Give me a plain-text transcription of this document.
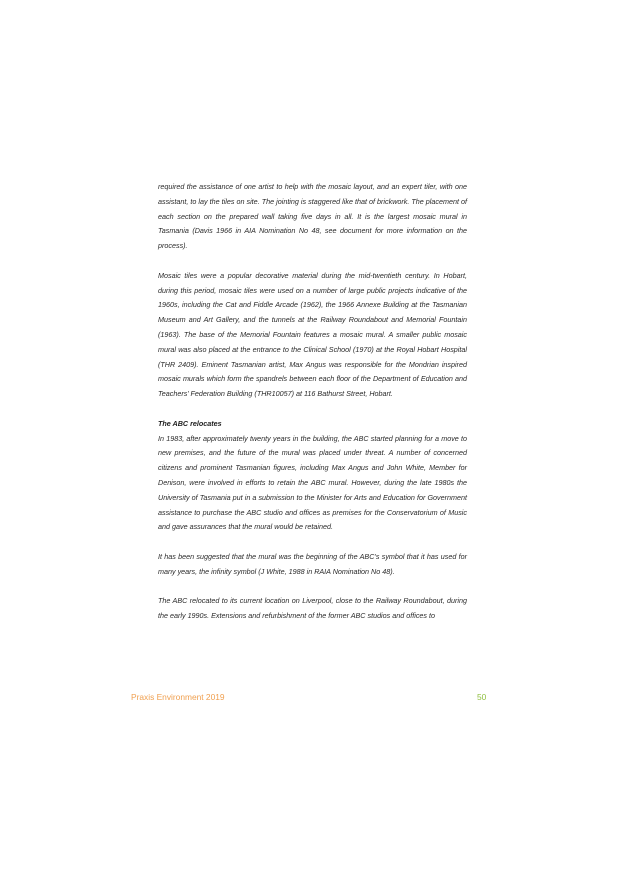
required the assistance of one artist to help with the mosaic layout, and an expert tiler, with one assistant, to lay the tiles on site. The jointing is staggered like that of brickwork. The placement of each section on the prepared wall taking five days in all. It is the largest mosaic mural in Tasmania (Davis 1966 in AIA Nomination No 48, see document for more information on the process).

Mosaic tiles were a popular decorative material during the mid-twentieth century. In Hobart, during this period, mosaic tiles were used on a number of large public projects indicative of the 1960s, including the Cat and Fiddle Arcade (1962), the 1966 Annexe Building at the Tasmanian Museum and Art Gallery, and the tunnels at the Railway Roundabout and Memorial Fountain (1963). The base of the Memorial Fountain features a mosaic mural. A smaller public mosaic mural was also placed at the entrance to the Clinical School (1970) at the Royal Hobart Hospital (THR 2409). Eminent Tasmanian artist, Max Angus was responsible for the Mondrian inspired mosaic murals which form the spandrels between each floor of the Department of Education and Teachers’ Federation Building (THR10057) at 116 Bathurst Street, Hobart.

The ABC relocates

In 1983, after approximately twenty years in the building, the ABC started planning for a move to new premises, and the future of the mural was placed under threat. A number of concerned citizens and prominent Tasmanian figures, including Max Angus and John White, Member for Denison, were involved in efforts to retain the ABC mural. However, during the late 1980s the University of Tasmania put in a submission to the Minister for Arts and Education for Government assistance to purchase the ABC studio and offices as premises for the Conservatorium of Music and gave assurances that the mural would be retained.

It has been suggested that the mural was the beginning of the ABC’s symbol that it has used for many years, the infinity symbol (J White, 1988 in RAIA Nomination No 48).

The ABC relocated to its current location on Liverpool, close to the Railway Roundabout, during the early 1990s. Extensions and refurbishment of the former ABC studios and offices to

Praxis Environment 2019	50
